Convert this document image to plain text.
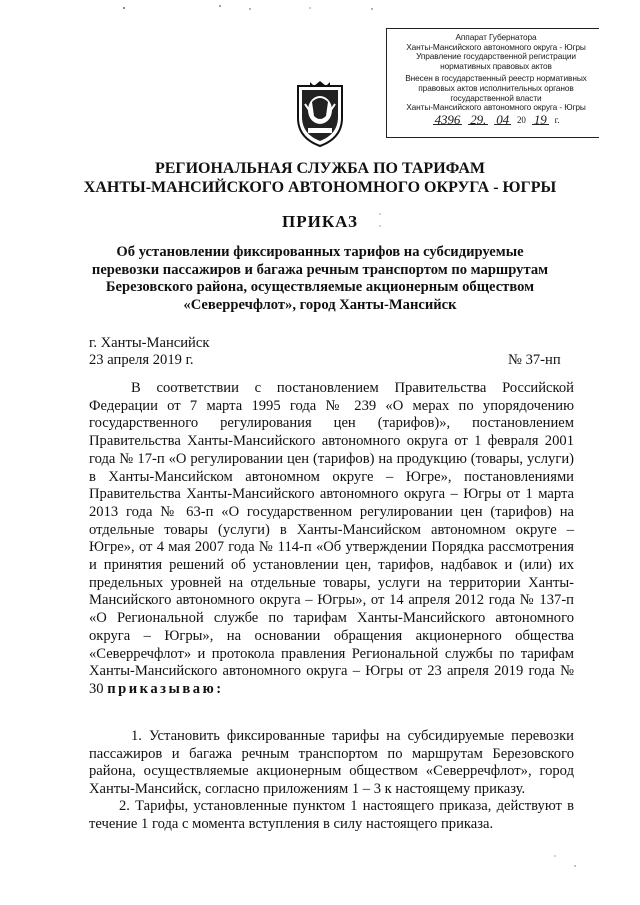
Аппарат Губернатора
Ханты-Мансийского автономного округа - Югры
Управление государственной регистрации
нормативных правовых актов
Внесен в государственный реестр нормативных
правовых актов исполнительных органов
государственной власти
Ханты-Мансийского автономного округа - Югры
4396 29. 04 20 19 г.
РЕГИОНАЛЬНАЯ СЛУЖБА ПО ТАРИФАМ
ХАНТЫ-МАНСИЙСКОГО АВТОНОМНОГО ОКРУГА - ЮГРЫ
ПРИКАЗ
Об установлении фиксированных тарифов на субсидируемые
перевозки пассажиров и багажа речным транспортом по маршрутам
Березовского района, осуществляемые акционерным обществом
«Северречфлот», город Ханты-Мансийск
г. Ханты-Мансийск
23 апреля 2019 г.	№ 37-нп
В соответствии с постановлением Правительства Российской Федерации от 7 марта 1995 года № 239 «О мерах по упорядочению государственного регулирования цен (тарифов)», постановлением Правительства Ханты-Мансийского автономного округа от 1 февраля 2001 года № 17-п «О регулировании цен (тарифов) на продукцию (товары, услуги) в Ханты-Мансийском автономном округе – Югре», постановлениями Правительства Ханты-Мансийского автономного округа – Югры от 1 марта 2013 года № 63-п «О государственном регулировании цен (тарифов) на отдельные товары (услуги) в Ханты-Мансийском автономном округе – Югре», от 4 мая 2007 года № 114-п «Об утверждении Порядка рассмотрения и принятия решений об установлении цен, тарифов, надбавок и (или) их предельных уровней на отдельные товары, услуги на территории Ханты-Мансийского автономного округа – Югры», от 14 апреля 2012 года № 137-п «О Региональной службе по тарифам Ханты-Мансийского автономного округа – Югры», на основании обращения акционерного общества «Северречфлот» и протокола правления Региональной службы по тарифам Ханты-Мансийского автономного округа – Югры от 23 апреля 2019 года № 30 приказываю:
1. Установить фиксированные тарифы на субсидируемые перевозки пассажиров и багажа речным транспортом по маршрутам Березовского района, осуществляемые акционерным обществом «Северречфлот», город Ханты-Мансийск, согласно приложениям 1 – 3 к настоящему приказу.
2. Тарифы, установленные пунктом 1 настоящего приказа, действуют в течение 1 года с момента вступления в силу настоящего приказа.
